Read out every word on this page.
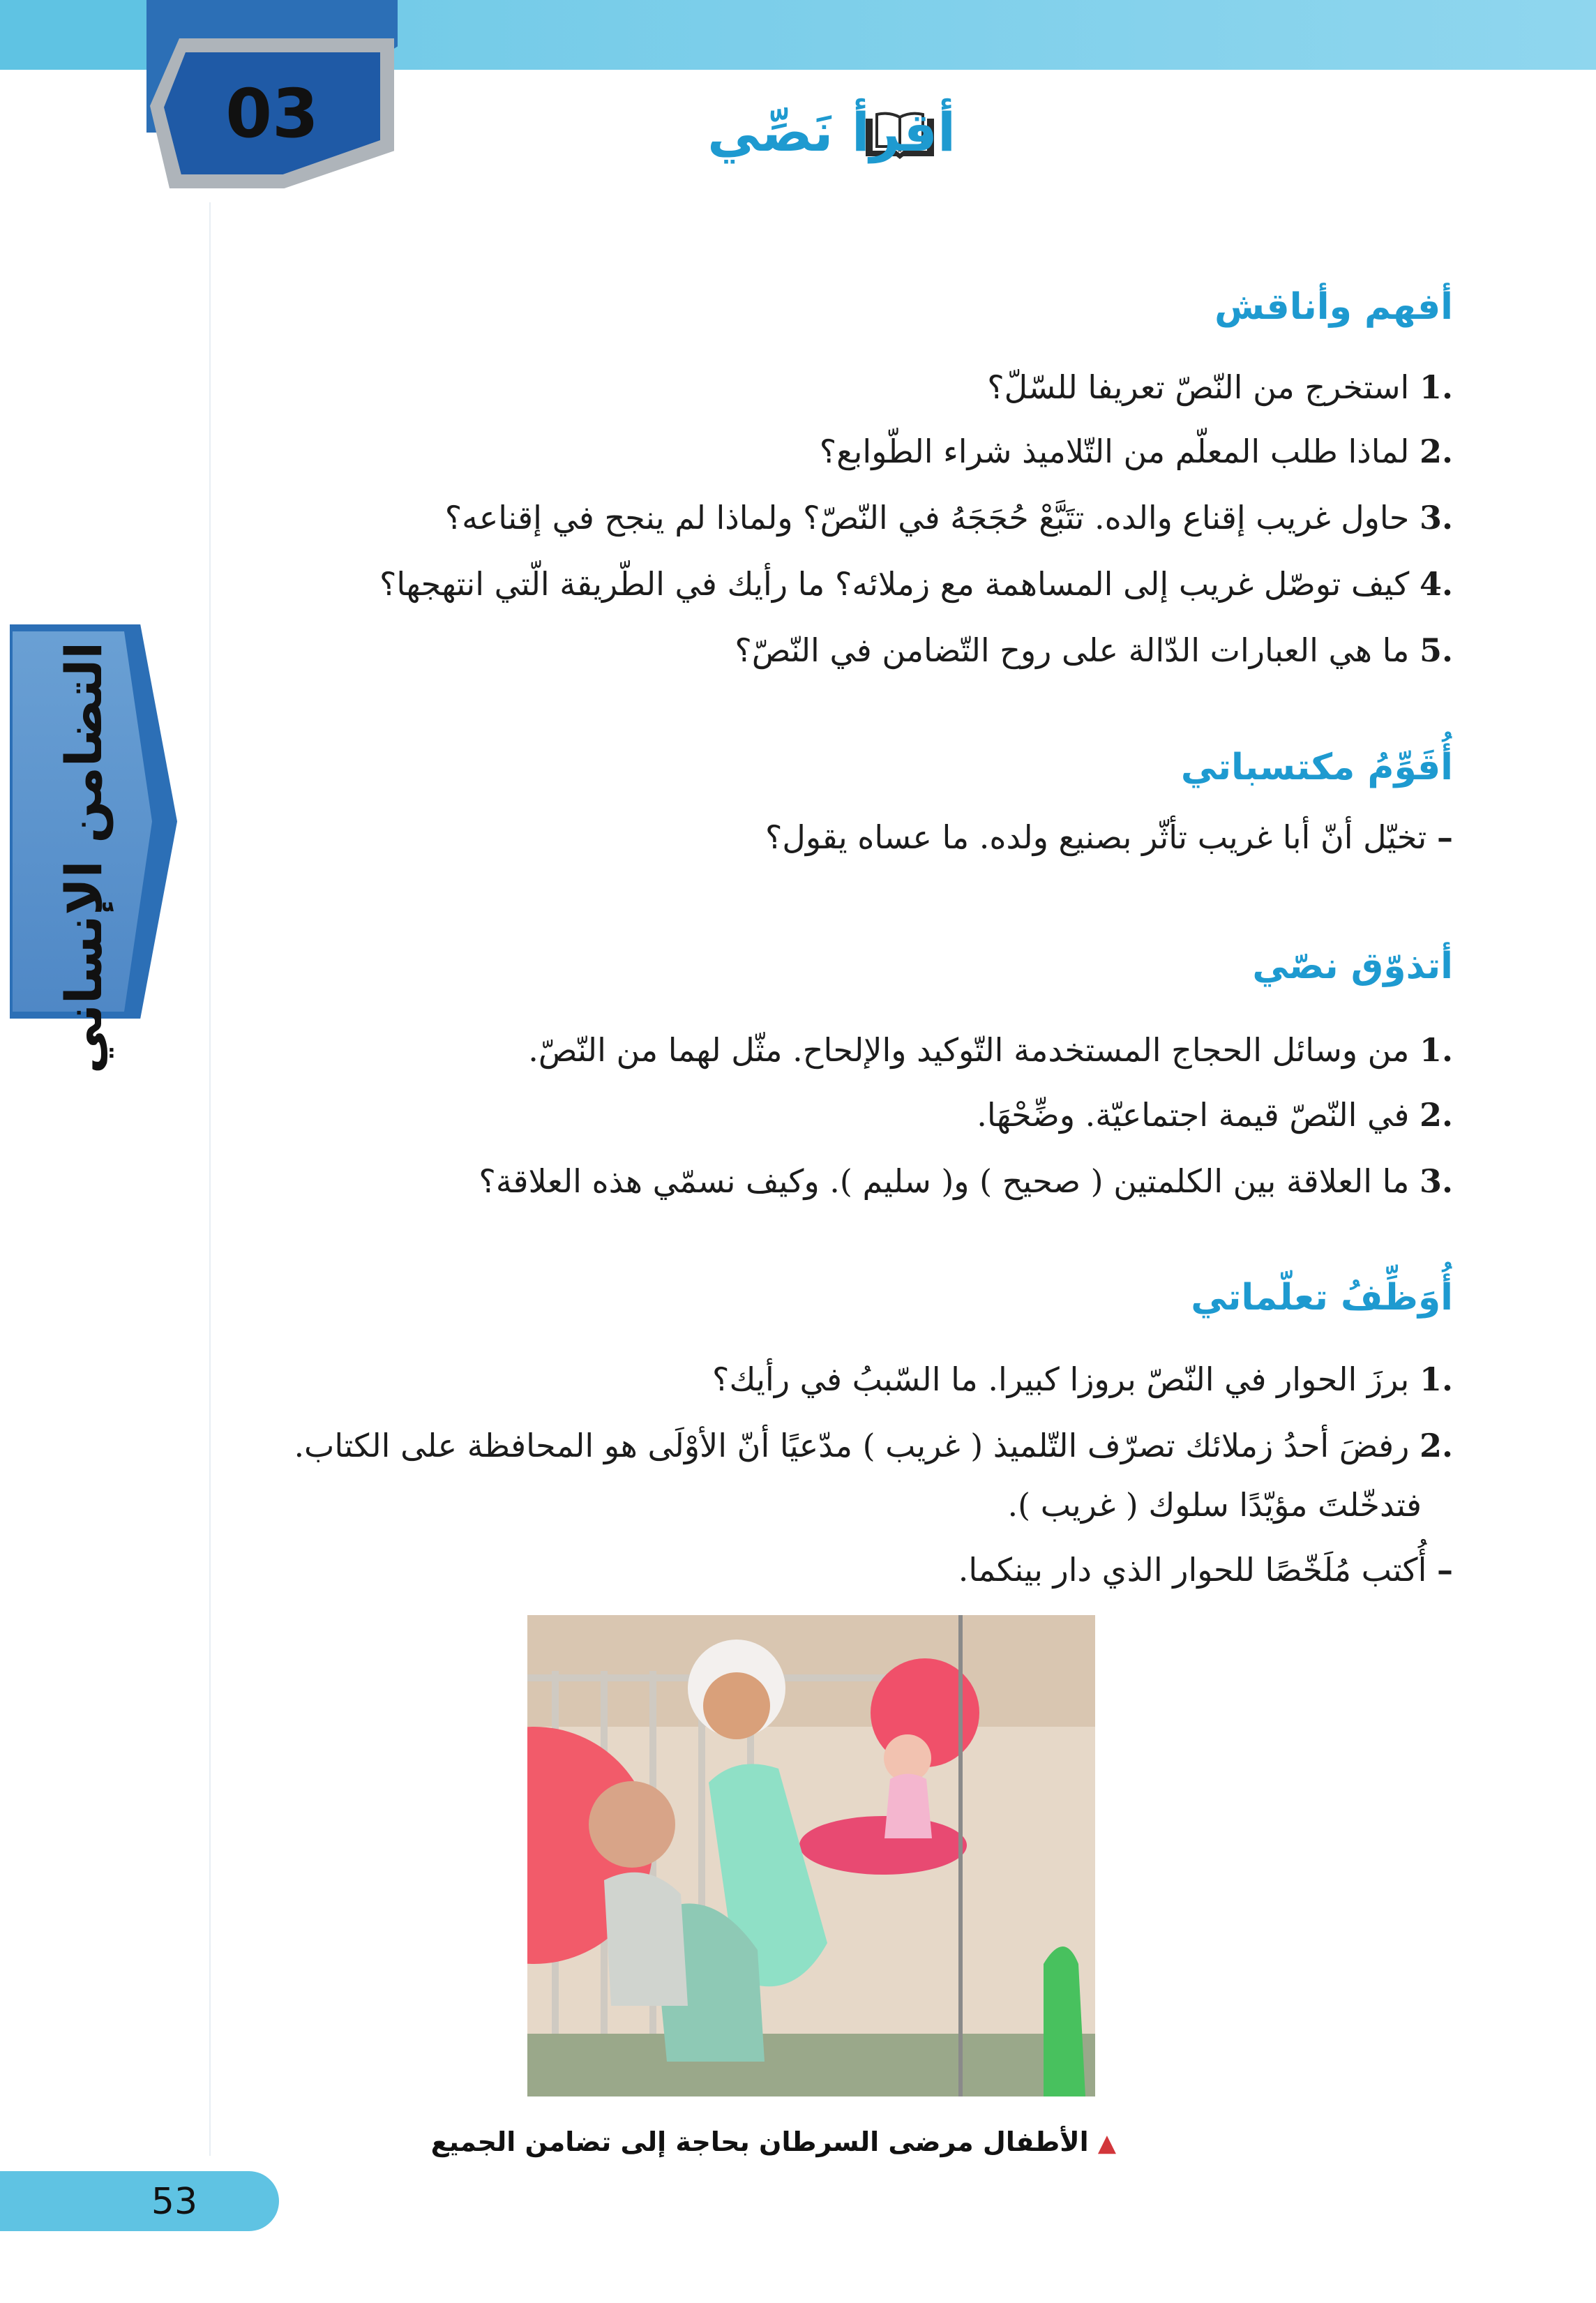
03	أقرأ نَصِّي
التضامن الإنساني
أفهم وأناقش
.1 استخرج من النّصّ تعريفا للسّلّ؟
.2 لماذا طلب المعلّم من التّلاميذ شراء الطّوابع؟
.3 حاول غريب إقناع والده. تتَبَّعْ حُجَجَهُ في النّصّ؟ ولماذا لم ينجح في إقناعه؟
.4 كيف توصّل غريب إلى المساهمة مع زملائه؟ ما رأيك في الطّريقة الّتي انتهجها؟
.5 ما هي العبارات الدّالة على روح التّضامن في النّصّ؟
أُقَوِّمُ مكتسباتي
– تخيّل أنّ أبا غريب تأثّر بصنيع ولده. ما عساه يقول؟
أتذوّق نصّي
.1 من وسائل الحجاج المستخدمة التّوكيد والإلحاح. مثّل لهما من النّصّ.
.2 في النّصّ قيمة اجتماعيّة. وضِّحْهَا.
.3 ما العلاقة بين الكلمتين ( صحيح ) و( سليم ). وكيف نسمّي هذه العلاقة؟
أُوَظِّفُ تعلّماتي
.1 برزَ الحوار في النّصّ بروزا كبيرا. ما السّببُ في رأيك؟
.2 رفضَ أحدُ زملائك تصرّف التّلميذ ( غريب ) مدّعيًا أنّ الأوْلَى هو المحافظة على الكتاب.
فتدخّلتَ مؤيّدًا سلوك ( غريب ).
– أُكتب مُلَخّصًا للحوار الذي دار بينكما.
▲ الأطفال مرضى السرطان بحاجة إلى تضامن الجميع
53
